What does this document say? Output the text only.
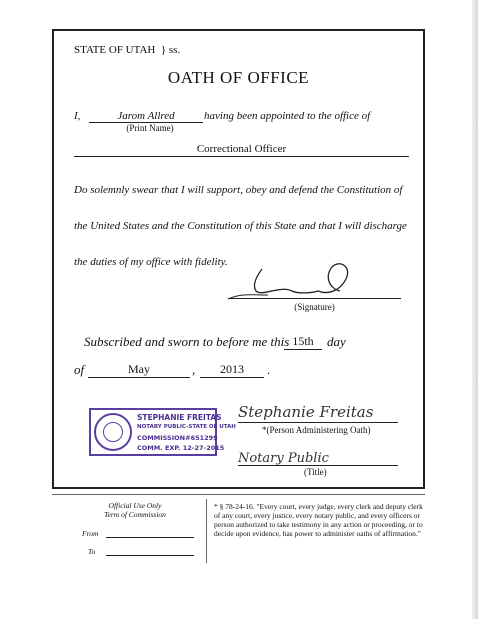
STATE OF UTAH } ss.
OATH OF OFFICE
I,	Jarom Allred	having been appointed to the office of
(Print Name)
Correctional Officer
Do solemnly swear that I will support, obey and defend the Constitution of
the United States and the Constitution of this State and that I will discharge
the duties of my office with fidelity.
(Signature)
Subscribed and sworn to before me this 15th	day
of	May	,	2013	.
STEPHANIE FREITAS
NOTARY PUBLIC-STATE OF UTAH
COMMISSION#651299
COMM. EXP. 12-27-2015
Stephanie Freitas
*(Person Administering Oath)
Notary Public
(Title)
Official Use Only
Term of Commission
From
To
* § 78-24-16. "Every court, every judge, every clerk and deputy clerk of any court, every justice, every notary public, and every officers or person authorized to take testimony in any action or proceeding, or to decide upon evidence, has power to administer oaths of affirmation."
